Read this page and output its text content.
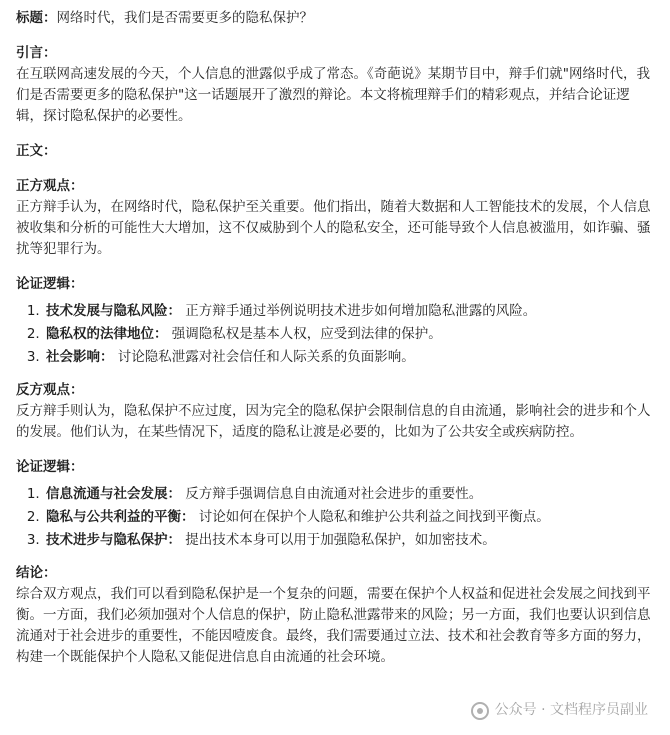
标题：网络时代，我们是否需要更多的隐私保护？

引言：

在互联网高速发展的今天，个人信息的泄露似乎成了常态。《奇葩说》某期节目中，辩手们就"网络时代，我们是否需要更多的隐私保护"这一话题展开了激烈的辩论。本文将梳理辩手们的精彩观点，并结合论证逻辑，探讨隐私保护的必要性。

正文：

正方观点：

正方辩手认为，在网络时代，隐私保护至关重要。他们指出，随着大数据和人工智能技术的发展，个人信息被收集和分析的可能性大大增加，这不仅威胁到个人的隐私安全，还可能导致个人信息被滥用，如诈骗、骚扰等犯罪行为。

论证逻辑：

1. 技术发展与隐私风险： 正方辩手通过举例说明技术进步如何增加隐私泄露的风险。
2. 隐私权的法律地位： 强调隐私权是基本人权，应受到法律的保护。
3. 社会影响： 讨论隐私泄露对社会信任和人际关系的负面影响。

反方观点：

反方辩手则认为，隐私保护不应过度，因为完全的隐私保护会限制信息的自由流通，影响社会的进步和个人的发展。他们认为，在某些情况下，适度的隐私让渡是必要的，比如为了公共安全或疾病防控。

论证逻辑：

1. 信息流通与社会发展： 反方辩手强调信息自由流通对社会进步的重要性。
2. 隐私与公共利益的平衡： 讨论如何在保护个人隐私和维护公共利益之间找到平衡点。
3. 技术进步与隐私保护： 提出技术本身可以用于加强隐私保护，如加密技术。

结论：

综合双方观点，我们可以看到隐私保护是一个复杂的问题，需要在保护个人权益和促进社会发展之间找到平衡。一方面，我们必须加强对个人信息的保护，防止隐私泄露带来的风险；另一方面，我们也要认识到信息流通对于社会进步的重要性，不能因噎废食。最终，我们需要通过立法、技术和社会教育等多方面的努力，构建一个既能保护个人隐私又能促进信息自由流通的社会环境。

公众号 · 文档程序员副业
